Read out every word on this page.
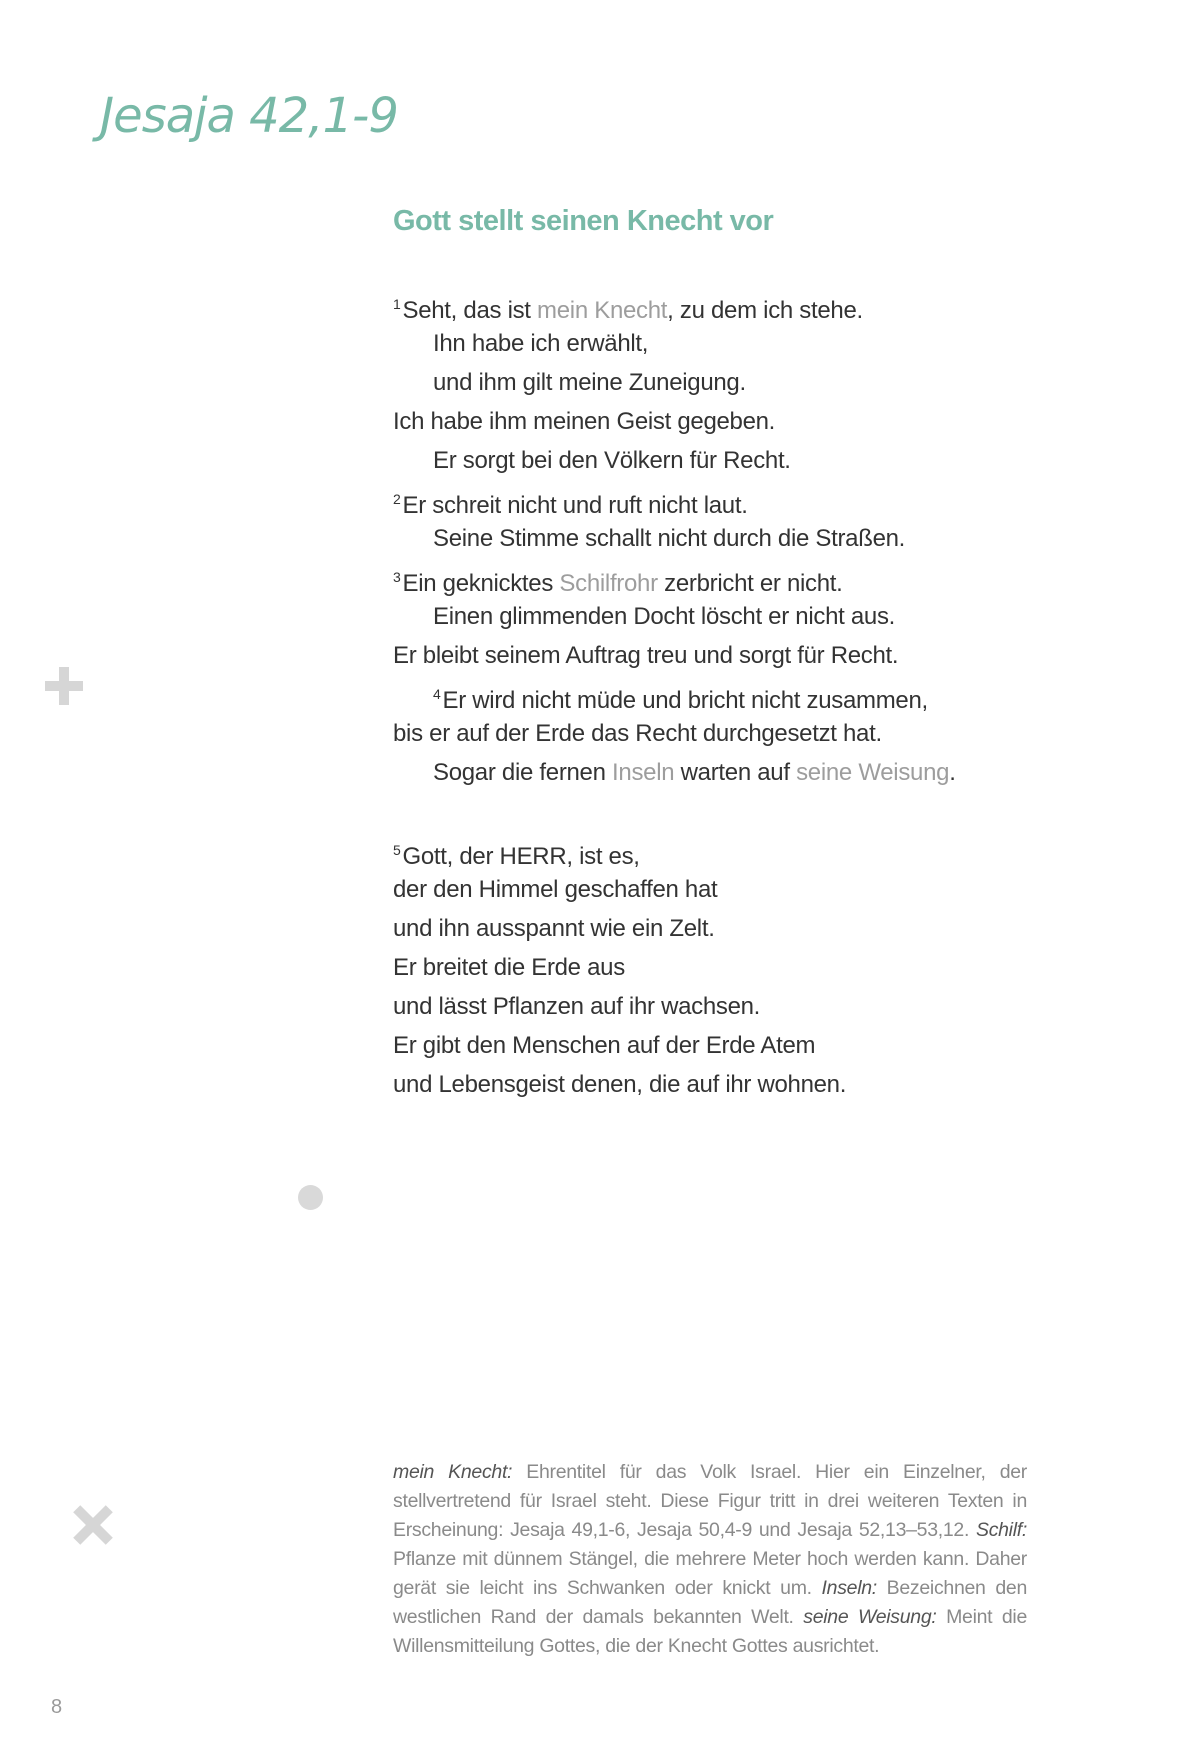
Jesaja 42,1-9
Gott stellt seinen Knecht vor
$^1$Seht, das ist mein Knecht, zu dem ich stehe.
Ihn habe ich erwählt,
und ihm gilt meine Zuneigung.
Ich habe ihm meinen Geist gegeben.
Er sorgt bei den Völkern für Recht.
$^2$Er schreit nicht und ruft nicht laut.
Seine Stimme schallt nicht durch die Straßen.
$^3$Ein geknicktes Schilfrohr zerbricht er nicht.
Einen glimmenden Docht löscht er nicht aus.
Er bleibt seinem Auftrag treu und sorgt für Recht.
$^4$Er wird nicht müde und bricht nicht zusammen,
bis er auf der Erde das Recht durchgesetzt hat.
Sogar die fernen Inseln warten auf seine Weisung.
$^5$Gott, der HERR, ist es,
der den Himmel geschaffen hat
und ihn ausspannt wie ein Zelt.
Er breitet die Erde aus
und lässt Pflanzen auf ihr wachsen.
Er gibt den Menschen auf der Erde Atem
und Lebensgeist denen, die auf ihr wohnen.
mein Knecht: Ehrentitel für das Volk Israel. Hier ein Einzelner, der stellvertretend für Israel steht. Diese Figur tritt in drei weiteren Texten in Erscheinung: Jesaja 49,1-6, Jesaja 50,4-9 und Jesaja 52,13–53,12. Schilf: Pflanze mit dünnem Stängel, die mehrere Meter hoch werden kann. Daher gerät sie leicht ins Schwanken oder knickt um. Inseln: Bezeichnen den westlichen Rand der damals bekannten Welt. seine Weisung: Meint die Willensmitteilung Gottes, die der Knecht Gottes ausrichtet.
8
